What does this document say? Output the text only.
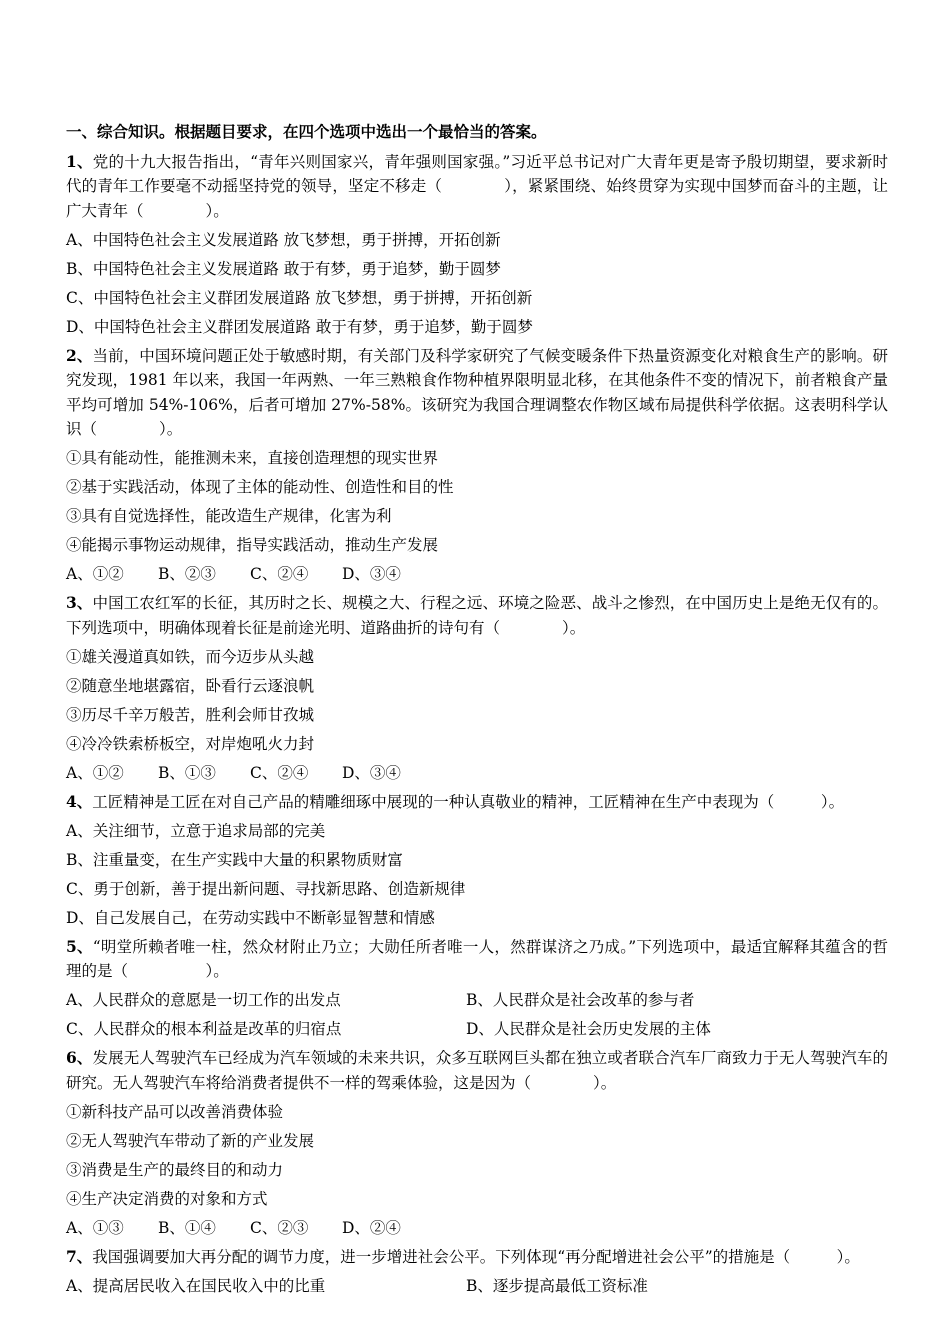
一、综合知识。根据题目要求，在四个选项中选出一个最恰当的答案。
1、党的十九大报告指出，“青年兴则国家兴，青年强则国家强。”习近平总书记对广大青年更是寄予殷切期望，要求新时代的青年工作要毫不动摇坚持党的领导，坚定不移走（	），紧紧围绕、始终贯穿为实现中国梦而奋斗的主题，让广大青年（	）。
A、中国特色社会主义发展道路 放飞梦想，勇于拼搏，开拓创新
B、中国特色社会主义发展道路 敢于有梦，勇于追梦，勤于圆梦
C、中国特色社会主义群团发展道路 放飞梦想，勇于拼搏，开拓创新
D、中国特色社会主义群团发展道路 敢于有梦，勇于追梦，勤于圆梦
2、当前，中国环境问题正处于敏感时期，有关部门及科学家研究了气候变暖条件下热量资源变化对粮食生产的影响。研究发现，1981 年以来，我国一年两熟、一年三熟粮食作物种植界限明显北移，在其他条件不变的情况下，前者粮食产量平均可增加 54%-106%，后者可增加 27%-58%。该研究为我国合理调整农作物区域布局提供科学依据。这表明科学认识（	）。
①具有能动性，能推测未来，直接创造理想的现实世界
②基于实践活动，体现了主体的能动性、创造性和目的性
③具有自觉选择性，能改造生产规律，化害为利
④能揭示事物运动规律，指导实践活动，推动生产发展
A、①②	B、②③	C、②④	D、③④
3、中国工农红军的长征，其历时之长、规模之大、行程之远、环境之险恶、战斗之惨烈，在中国历史上是绝无仅有的。下列选项中，明确体现着长征是前途光明、道路曲折的诗句有（	）。
①雄关漫道真如铁，而今迈步从头越
②随意坐地堪露宿，卧看行云逐浪帆
③历尽千辛万般苦，胜利会师甘孜城
④冷冷铁索桥板空，对岸炮吼火力封
A、①②	B、①③	C、②④	D、③④
4、工匠精神是工匠在对自己产品的精雕细琢中展现的一种认真敬业的精神，工匠精神在生产中表现为（	）。
A、关注细节，立意于追求局部的完美
B、注重量变，在生产实践中大量的积累物质财富
C、勇于创新，善于提出新问题、寻找新思路、创造新规律
D、自己发展自己，在劳动实践中不断彰显智慧和情感
5、“明堂所赖者唯一柱，然众材附止乃立；大勋任所者唯一人，然群谋济之乃成。”下列选项中，最适宜解释其蕴含的哲理的是（	）。
A、人民群众的意愿是一切工作的出发点	B、人民群众是社会改革的参与者
C、人民群众的根本利益是改革的归宿点	D、人民群众是社会历史发展的主体
6、发展无人驾驶汽车已经成为汽车领域的未来共识，众多互联网巨头都在独立或者联合汽车厂商致力于无人驾驶汽车的研究。无人驾驶汽车将给消费者提供不一样的驾乘体验，这是因为（	）。
①新科技产品可以改善消费体验
②无人驾驶汽车带动了新的产业发展
③消费是生产的最终目的和动力
④生产决定消费的对象和方式
A、①③	B、①④	C、②③	D、②④
7、我国强调要加大再分配的调节力度，进一步增进社会公平。下列体现“再分配增进社会公平”的措施是（	）。
A、提高居民收入在国民收入中的比重	B、逐步提高最低工资标准
